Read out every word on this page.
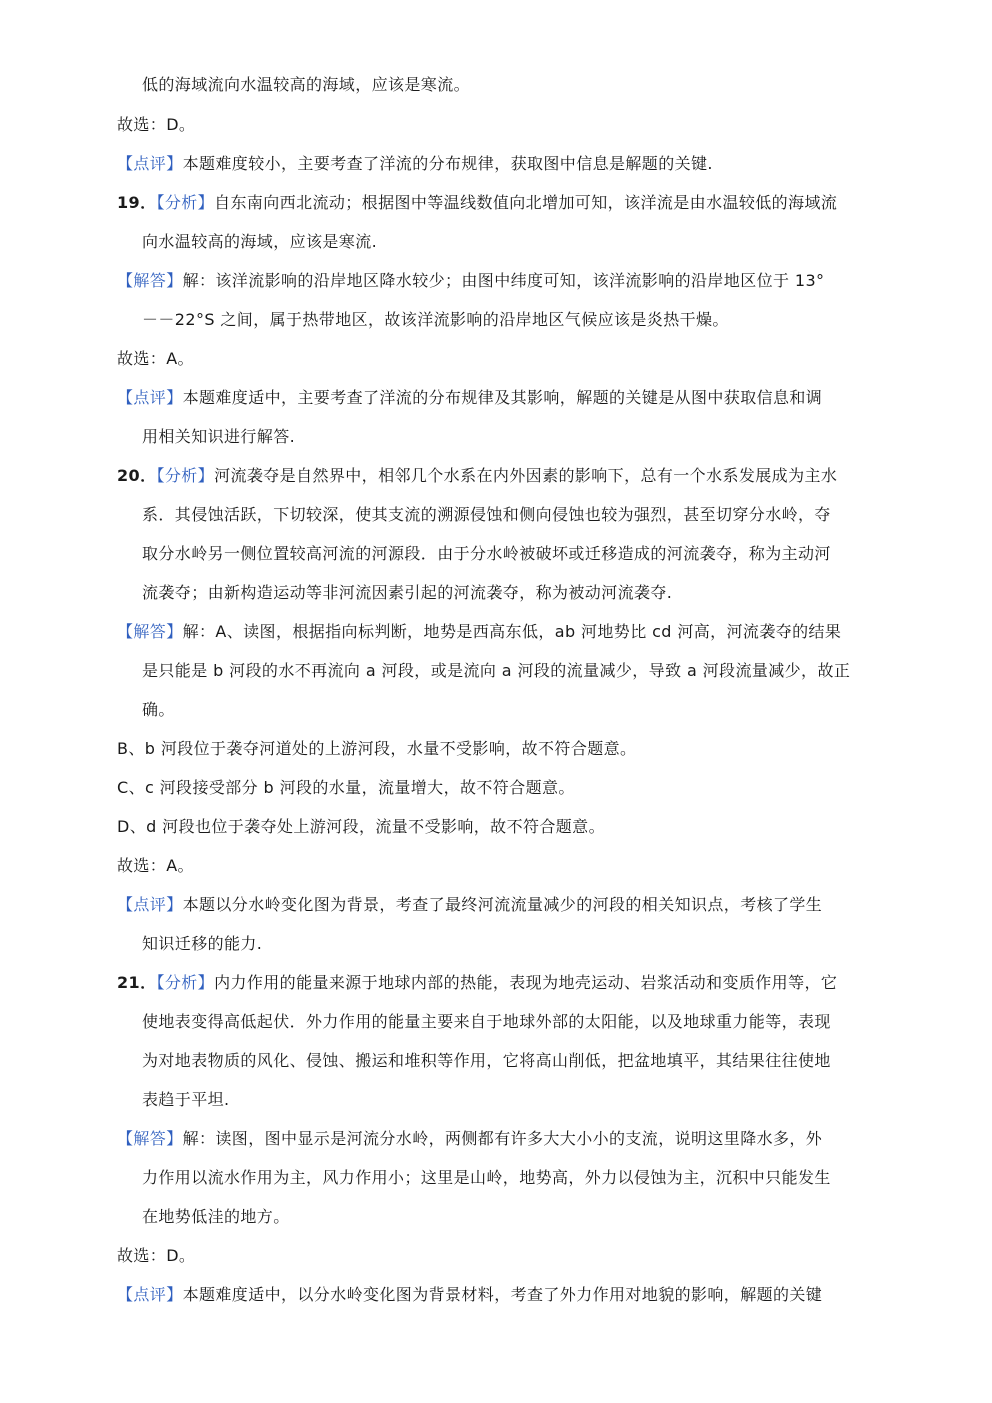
低的海域流向水温较高的海域，应该是寒流。
故选：D。
【点评】本题难度较小，主要考查了洋流的分布规律，获取图中信息是解题的关键.
19．【分析】自东南向西北流动；根据图中等温线数值向北增加可知，该洋流是由水温较低的海域流
向水温较高的海域，应该是寒流.
【解答】解：该洋流影响的沿岸地区降水较少；由图中纬度可知，该洋流影响的沿岸地区位于 13°
－－22°S 之间，属于热带地区，故该洋流影响的沿岸地区气候应该是炎热干燥。
故选：A。
【点评】本题难度适中，主要考查了洋流的分布规律及其影响，解题的关键是从图中获取信息和调
用相关知识进行解答.
20．【分析】河流袭夺是自然界中，相邻几个水系在内外因素的影响下，总有一个水系发展成为主水
系．其侵蚀活跃，下切较深，使其支流的溯源侵蚀和侧向侵蚀也较为强烈，甚至切穿分水岭，夺
取分水岭另一侧位置较高河流的河源段．由于分水岭被破坏或迁移造成的河流袭夺，称为主动河
流袭夺；由新构造运动等非河流因素引起的河流袭夺，称为被动河流袭夺.
【解答】解：A、读图，根据指向标判断，地势是西高东低，ab 河地势比 cd 河高，河流袭夺的结果
是只能是 b 河段的水不再流向 a 河段，或是流向 a 河段的流量减少，导致 a 河段流量减少，故正
确。
B、b 河段位于袭夺河道处的上游河段，水量不受影响，故不符合题意。
C、c 河段接受部分 b 河段的水量，流量增大，故不符合题意。
D、d 河段也位于袭夺处上游河段，流量不受影响，故不符合题意。
故选：A。
【点评】本题以分水岭变化图为背景，考查了最终河流流量减少的河段的相关知识点，考核了学生
知识迁移的能力.
21．【分析】内力作用的能量来源于地球内部的热能，表现为地壳运动、岩浆活动和变质作用等，它
使地表变得高低起伏．外力作用的能量主要来自于地球外部的太阳能，以及地球重力能等，表现
为对地表物质的风化、侵蚀、搬运和堆积等作用，它将高山削低，把盆地填平，其结果往往使地
表趋于平坦.
【解答】解：读图，图中显示是河流分水岭，两侧都有许多大大小小的支流，说明这里降水多，外
力作用以流水作用为主，风力作用小；这里是山岭，地势高，外力以侵蚀为主，沉积中只能发生
在地势低洼的地方。
故选：D。
【点评】本题难度适中，以分水岭变化图为背景材料，考查了外力作用对地貌的影响，解题的关键
